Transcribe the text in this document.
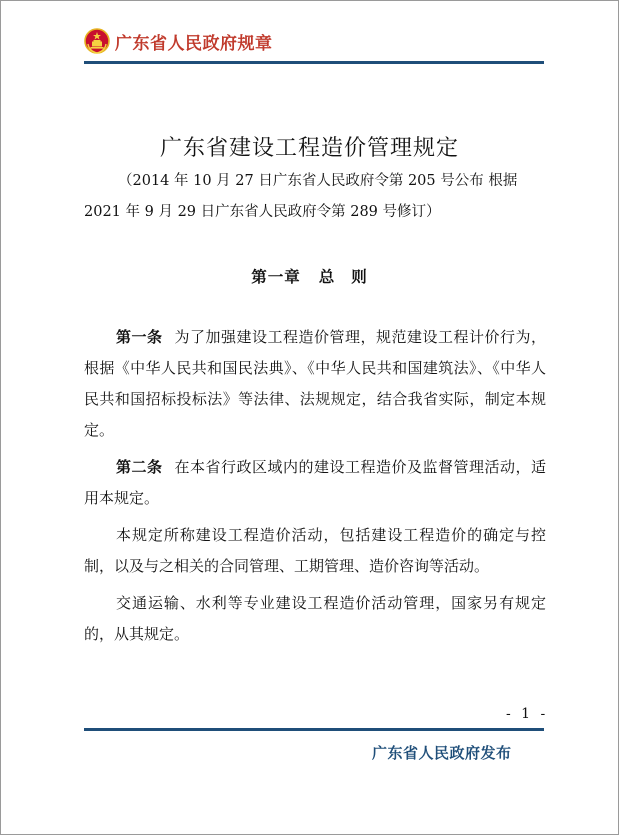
广东省人民政府规章
广东省建设工程造价管理规定
（2014 年 10 月 27 日广东省人民政府令第 205 号公布 根据
2021 年 9 月 29 日广东省人民政府令第 289 号修订）
第一章 总 则

第一条 为了加强建设工程造价管理，规范建设工程计价行为，根据《中华人民共和国民法典》、《中华人民共和国建筑法》、《中华人民共和国招标投标法》等法律、法规规定，结合我省实际，制定本规定。

第二条 在本省行政区域内的建设工程造价及监督管理活动，适用本规定。

本规定所称建设工程造价活动，包括建设工程造价的确定与控制，以及与之相关的合同管理、工期管理、造价咨询等活动。

交通运输、水利等专业建设工程造价活动管理，国家另有规定的，从其规定。

- 1 -
广东省人民政府发布
